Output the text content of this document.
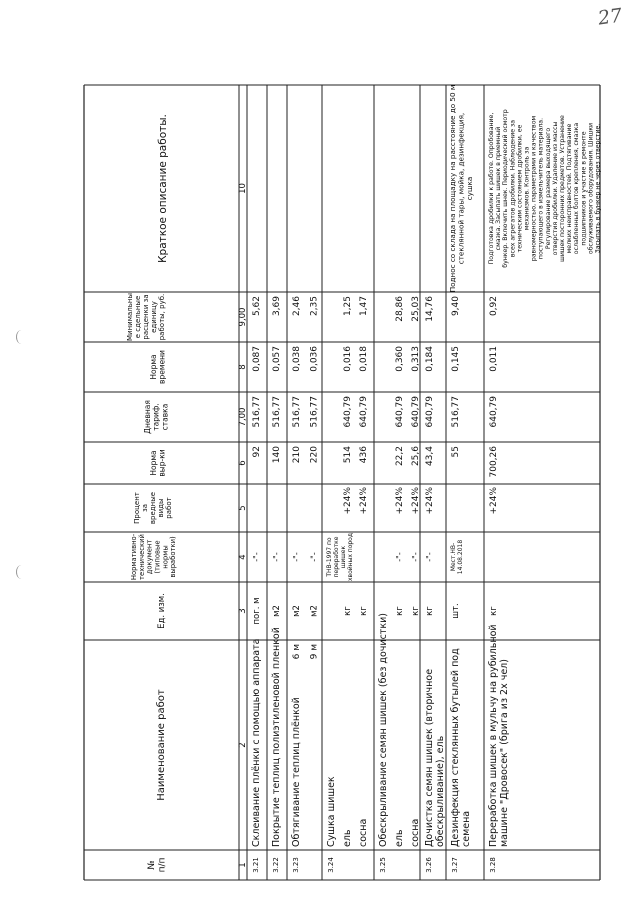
27
№п/п
Наименование работ
Ед. изм.
Нормативно-техническийдокумент(типовыенормывыработки)
Процентзавредныевидыработ
Нормавыр-ки
Дневнаятариф.ставка
Нормавремени
Минимальные сдельныерасценки заединицуработы, руб.
Краткое описание работы.
1
2
3
4
5
6
7,00
8
9,00
10
3.21
Склеивание плёнки с помощью аппарата
пог. м
-"-
92
516,77
0,087
5,62
3.22
Покрытие теплиц полиэтиленовой пленкой
м2
-"-
140
516,77
0,057
3,69
3.23
Обтягивание теплиц плёнкой
6 м
м2
-"-
210
516,77
0,038
2,46
9 м
м2
-"-
220
516,77
0,036
2,35
3.24
Сушка шишек ель
кг
ТНВ-1997 попереработкешишекхвойных пород
+24%
514
640,79
0,016
1,25
сосна
кг
+24%
436
640,79
0,018
1,47
3.25
Обескрыливание семян шишек (без дочистки) ель
кг
-"-
+24%
22,2
640,79
0,360
28,86
сосна
кг
-"-
+24%
25,6
640,79
0,313
25,03
3.26
Дочистка семян шишек (вторичноеобескрыливание), ель
кг
-"-
+24%
43,4
640,79
0,184
14,76
3.27
Дезинфекция стеклянных бутылей подсемена
шт.
Мест.НВ-14.08.2018
55
516,77
0,145
9,40
Поднос со склада на площадку на расстояние до 50 мстеклянной тары, мойка, дезинфекция,сушка
3.28
Переработка шишек в мульчу на рубильноймашине "Дровосек" (брига из 2х чел)
кг
+24%
700,26
640,79
0,011
0,92
Подготовка дробилки к работе. Опробование,смазка. Засыпать шишек в приемныйбункер. Включить шнек. Периодический осмотрвсех агрегатов дробилки. Наблюдение затехническим состоянием дробилки, еемеханизмов. Контроль заравномерностью, параметрами и качествомпоступающего в измельчитель материала.Регулирование размера выходящегоотверстия дробилки. Удаление из массышишек посторонних предметов. Устранениемелких неисправностей. Подтягиваниеослабленных болтов крепления, смазкаподшипников и участие в ремонтеобслуживаемого оборудования. ШишкиЗасыпать в бункер не через отверстие.
